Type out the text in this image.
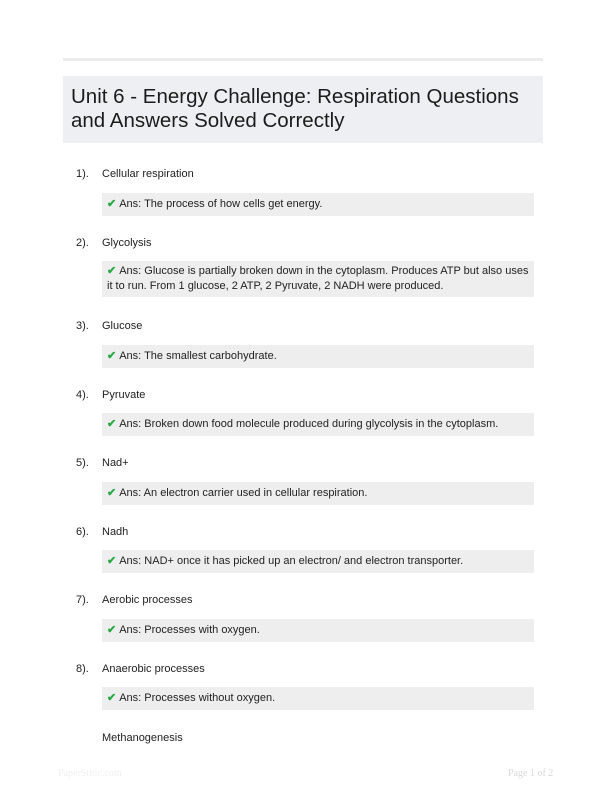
Unit 6 - Energy Challenge: Respiration Questions and Answers Solved Correctly
1). Cellular respiration
✔ Ans: The process of how cells get energy.
2). Glycolysis
✔ Ans: Glucose is partially broken down in the cytoplasm. Produces ATP but also uses it to run. From 1 glucose, 2 ATP, 2 Pyruvate, 2 NADH were produced.
3). Glucose
✔ Ans: The smallest carbohydrate.
4). Pyruvate
✔ Ans: Broken down food molecule produced during glycolysis in the cytoplasm.
5). Nad+
✔ Ans: An electron carrier used in cellular respiration.
6). Nadh
✔ Ans: NAD+ once it has picked up an electron/ and electron transporter.
7). Aerobic processes
✔ Ans: Processes with oxygen.
8). Anaerobic processes
✔ Ans: Processes without oxygen.
Methanogenesis
PaperStitic.com	Page 1 of 2
